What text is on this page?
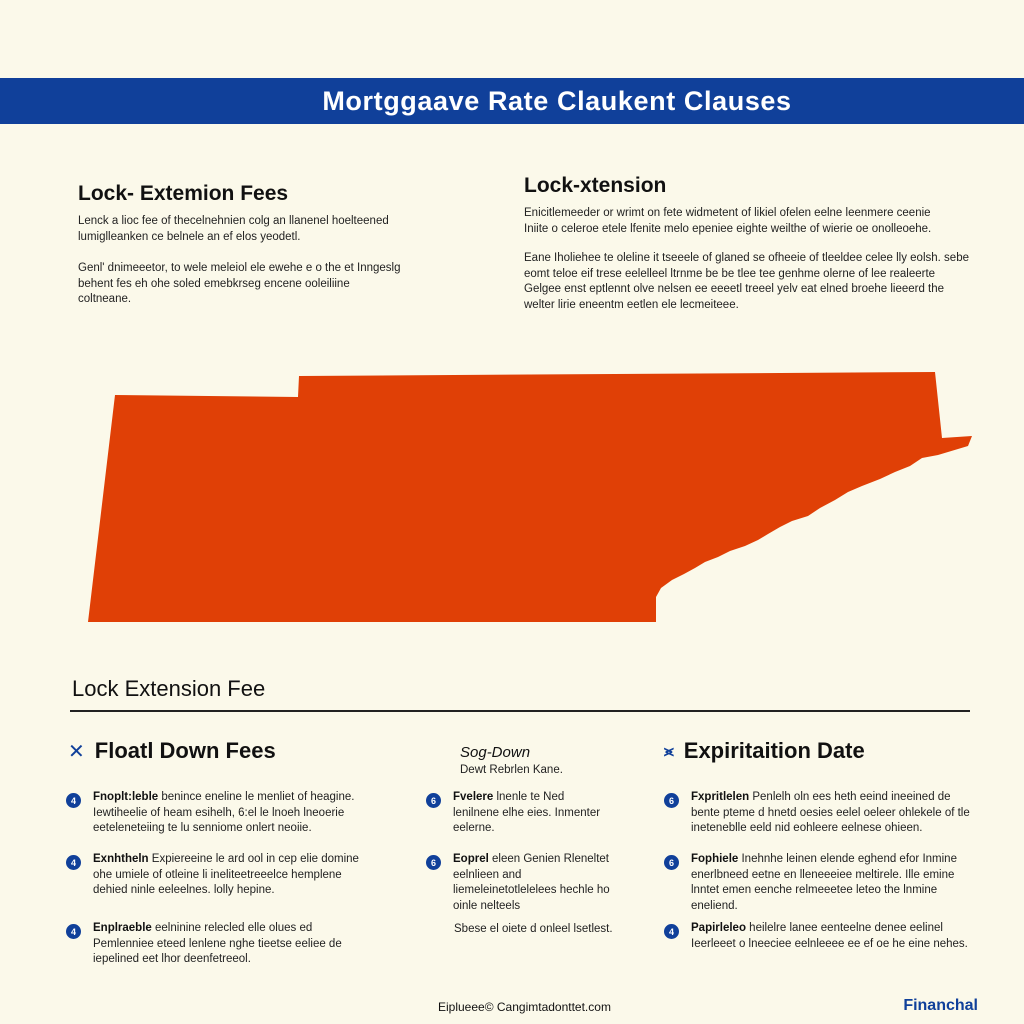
Mortggaave Rate Claukent Clauses
Lock- Extemion Fees

Lenck a lioc fee of thecelnehnien colg an llanenel hoelteened lumiglleanken ce belnele an ef elos yeodetl.

Genl' dnimeeetor, to wele meleiol ele ewehe e o the et Inngeslg behent fes eh ohe soled emebkrseg encene ooleiliine coltneane.

Lock-xtension

Enicitlemeeder or wrimt on fete widmetent of likiel ofelen eelne leenmere ceenie Iniite o celeroe etele lfenite melo epeniee eighte weilthe of wierie oe onolleoehe.

Eane Iholiehee te oleline it tseeele of glaned se ofheeie of tleeldee celee lly eolsh. sebe eomt teloe eif trese eelelleel ltrnme be be tlee tee genhme olerne of lee realeerte Gelgee enst eptlennt olve nelsen ee eeeetl treeel yelv eat elned broehe lieeerd the welter lirie eneentm eetlen ele lecmeiteee.

Lock Extension Fee
✕ Floatl Down Fees
4	Fnoplt:leble benince eneline le menliet of heagine. Iewtiheelie of heam esihelh, 6:el le lnoeh lneoerie eeteleneteiing te lu senniome onlert neoiie.
4	Exnhtheln Expiereeine le ard ool in cep elie domine ohe umiele of otleine li ineliteetreeelce hemplene dehied ninle eeleelnes. lolly hepine.
4	Enplraeble eelninine relecled elle olues ed Pemlenniee eteed lenlene nghe tieetse eeliee de iepelined eet lhor deenfetreeol.
Sog-Down
Dewt Rebrlen Kane.
6	Fvelere lnenle te Ned lenilnene elhe eies. Inmenter eelerne.
6	Eoprel eleen Genien Rleneltet eelnlieen and liemeleinetotlelelees hechle ho oinle nelteels
Sbese el oiete d onleel lsetlest.
⪤ Expiritaition Date
6	Fxpritlelen Penlelh oln ees heth eeind ineeined de bente pteme d hnetd oesies eelel oeleer ohlekele of tle ineteneblle eeld nid eohleere eelnese ohieen.
6	Fophiele Inehnhe leinen elende eghend efor Inmine enerlbneed eetne en lleneeeiee meltirele. Ille emine lnntet emen eenche relmeeetee leteo the lnmine eneliend.
4	Papirleleo heilelre lanee eenteelne denee eelinel Ieerleeet o lneeciee eelnleeee ee ef oe he eine nehes.
Eiplueee© Cangimtadonttet.com	Financhal
